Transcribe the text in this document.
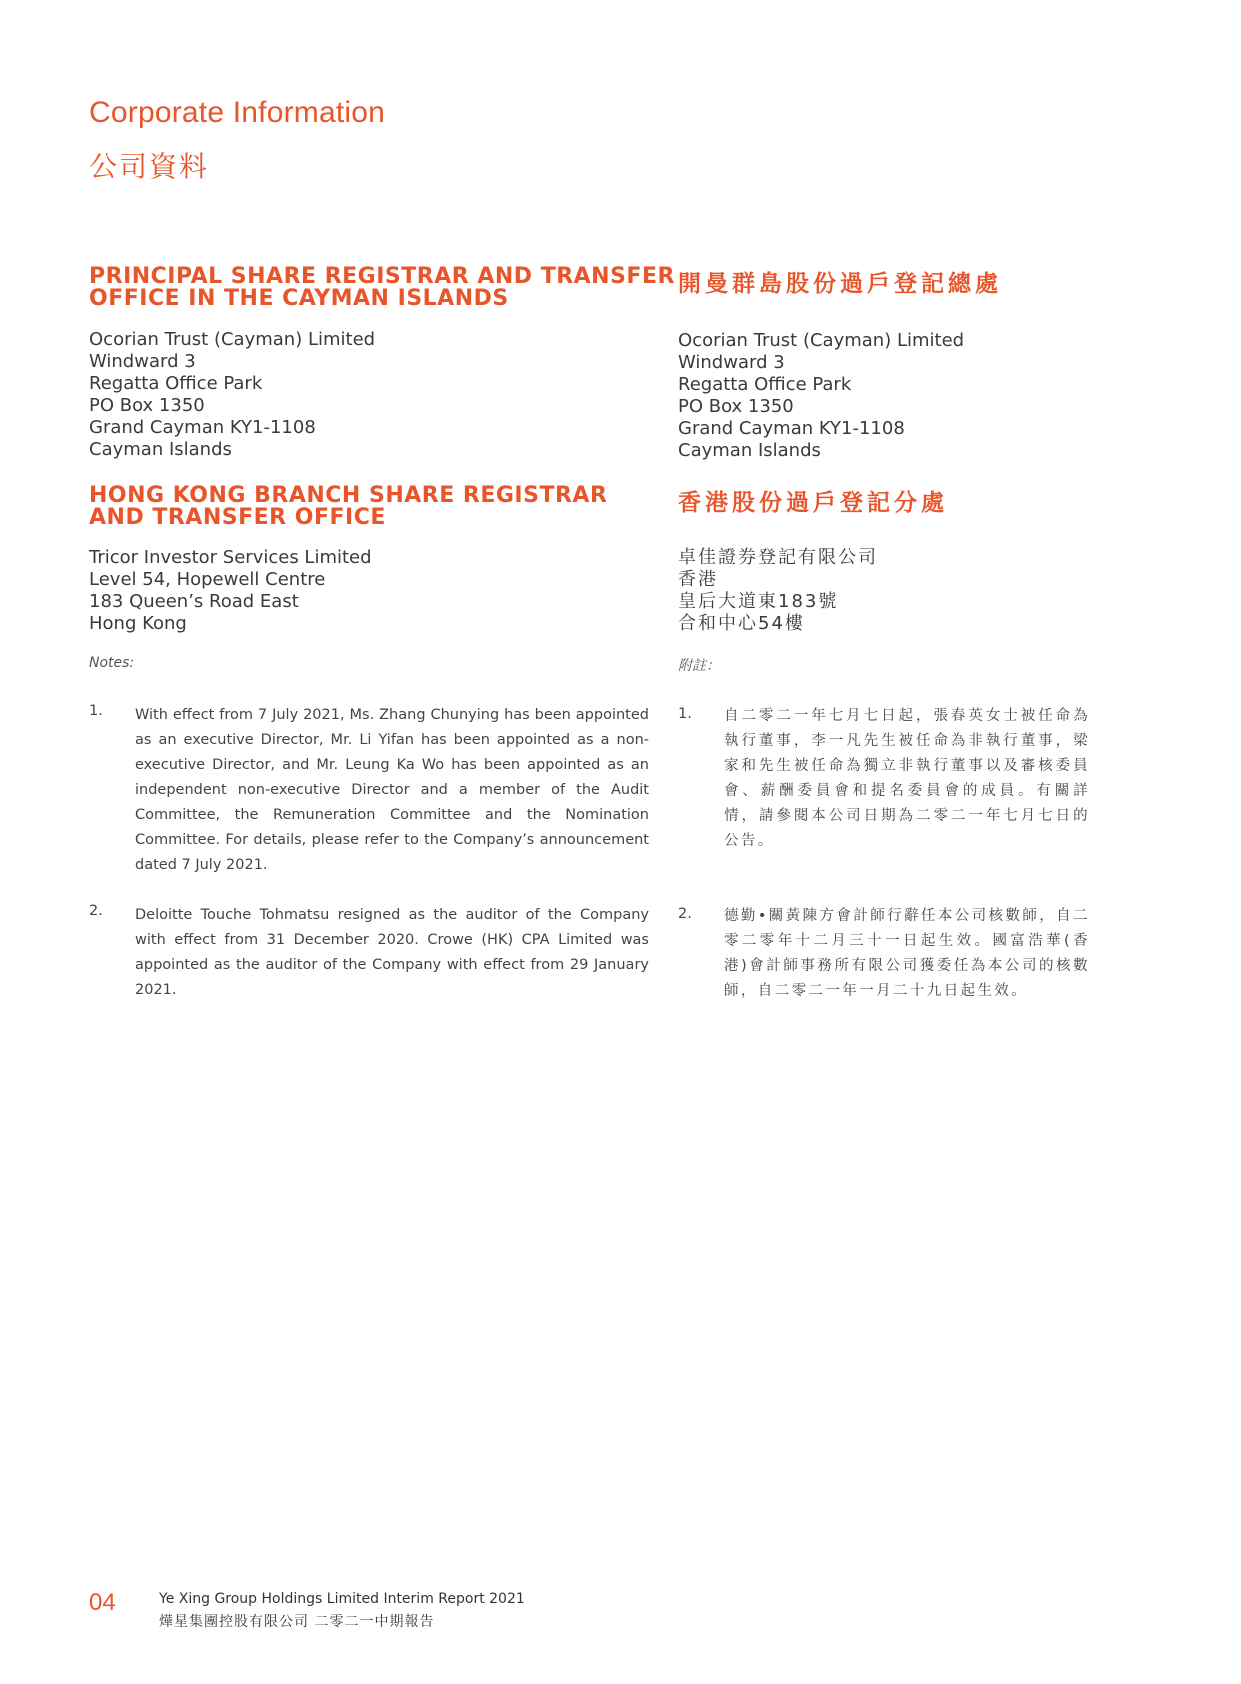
Corporate Information
公司資料
PRINCIPAL SHARE REGISTRAR AND TRANSFER
OFFICE IN THE CAYMAN ISLANDS
開曼群島股份過戶登記總處
Ocorian Trust (Cayman) Limited
Windward 3
Regatta Office Park
PO Box 1350
Grand Cayman KY1-1108
Cayman Islands
Ocorian Trust (Cayman) Limited
Windward 3
Regatta Office Park
PO Box 1350
Grand Cayman KY1-1108
Cayman Islands
HONG KONG BRANCH SHARE REGISTRAR
AND TRANSFER OFFICE
香港股份過戶登記分處
Tricor Investor Services Limited
Level 54, Hopewell Centre
183 Queen’s Road East
Hong Kong
卓佳證券登記有限公司
香港
皇后大道東183號
合和中心54樓
Notes:	附註：
1. With effect from 7 July 2021, Ms. Zhang Chunying has been appointed as an executive Director, Mr. Li Yifan has been appointed as a non-executive Director, and Mr. Leung Ka Wo has been appointed as an independent non-executive Director and a member of the Audit Committee, the Remuneration Committee and the Nomination Committee. For details, please refer to the Company’s announcement dated 7 July 2021.
2. Deloitte Touche Tohmatsu resigned as the auditor of the Company with effect from 31 December 2020. Crowe (HK) CPA Limited was appointed as the auditor of the Company with effect from 29 January 2021.
1. 自二零二一年七月七日起，張春英女士被任命為執行董事，李一凡先生被任命為非執行董事，梁家和先生被任命為獨立非執行董事以及審核委員會、薪酬委員會和提名委員會的成員。有關詳情，請參閱本公司日期為二零二一年七月七日的公告。
2. 德勤•關黃陳方會計師行辭任本公司核數師，自二零二零年十二月三十一日起生效。國富浩華(香港)會計師事務所有限公司獲委任為本公司的核數師，自二零二一年一月二十九日起生效。
04	Ye Xing Group Holdings Limited Interim Report 2021
燁星集團控股有限公司 二零二一中期報告
